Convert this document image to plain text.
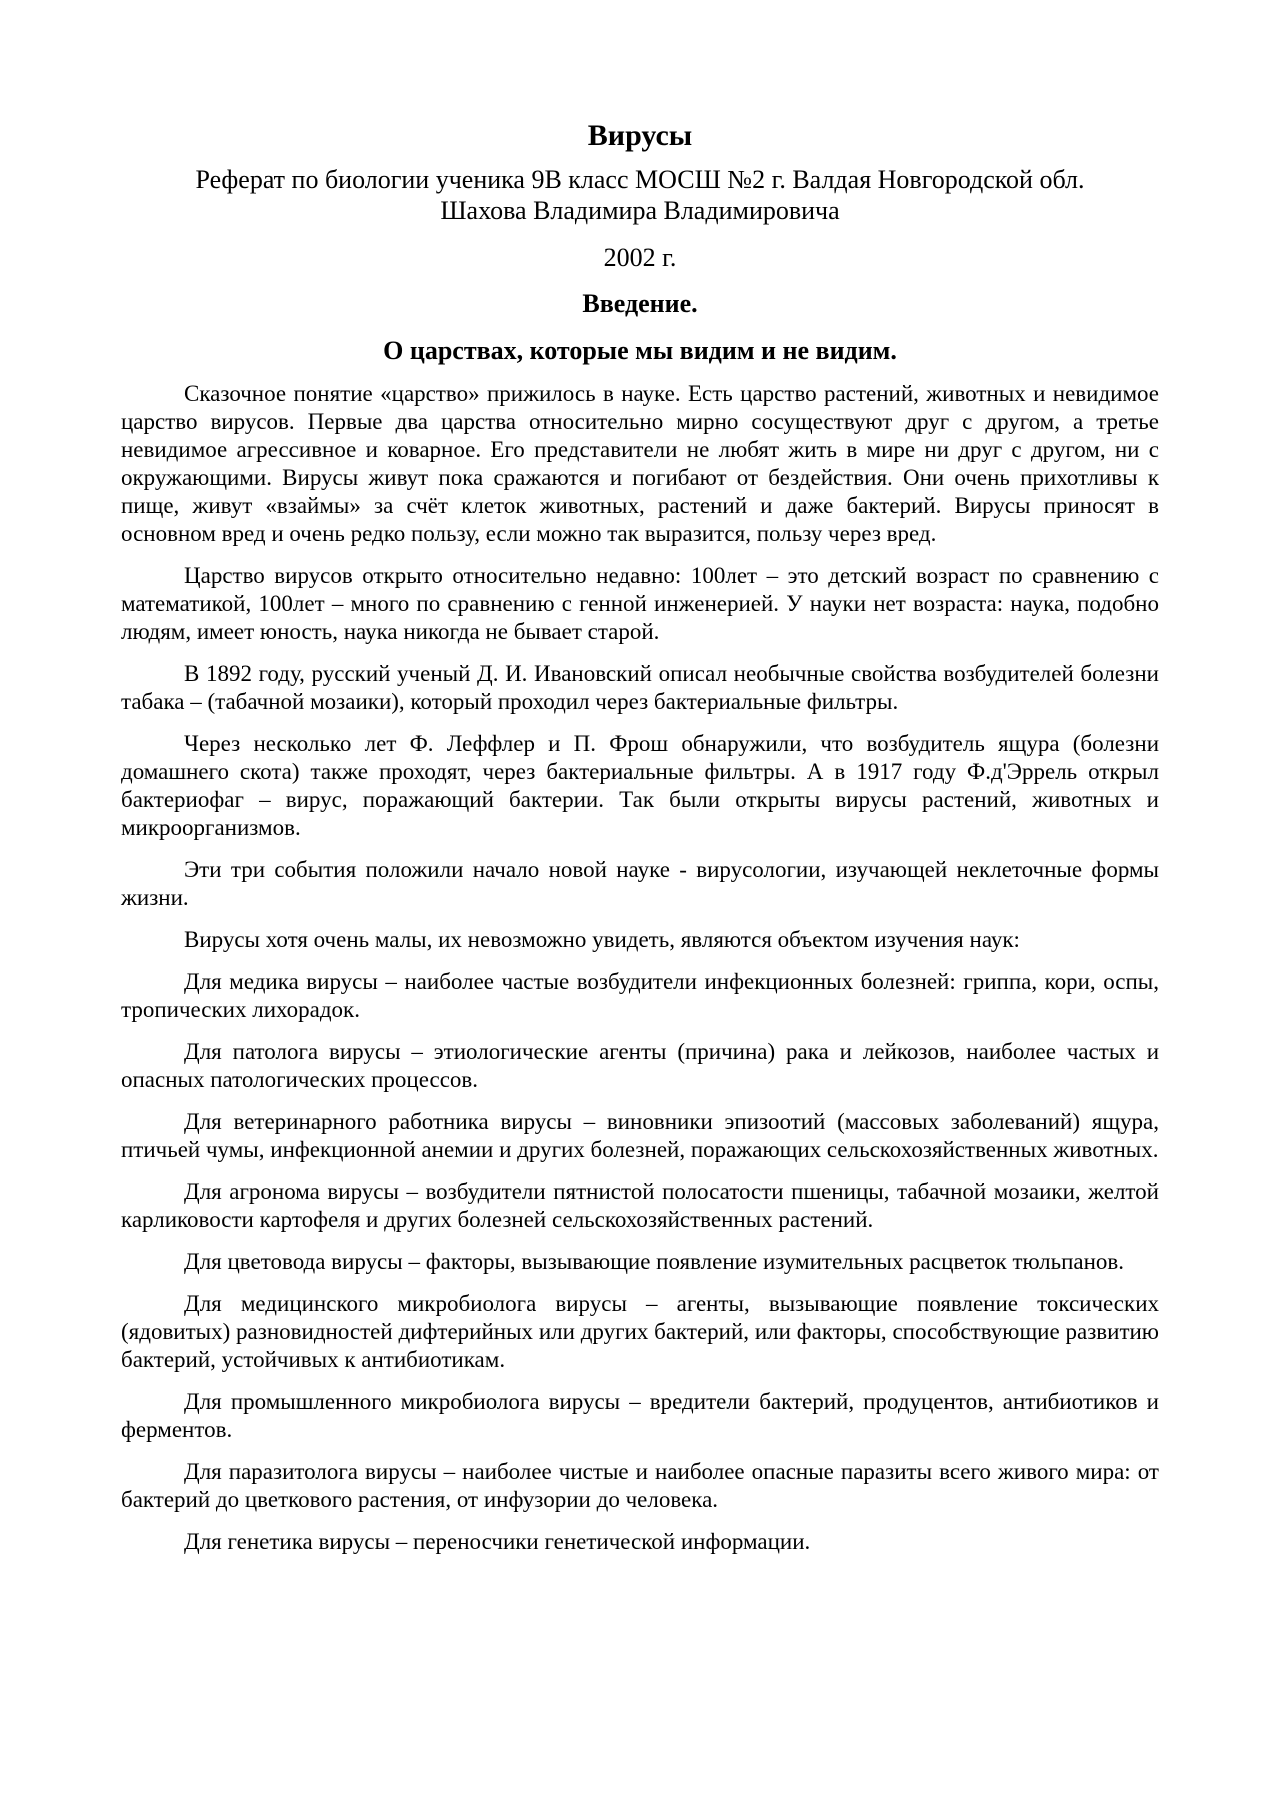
Вирусы
Реферат по биологии ученика 9В класс МОСШ №2 г. Валдая Новгородской обл.
Шахова Владимира Владимировича
2002 г.
Введение.
О царствах, которые мы видим и не видим.

Сказочное понятие «царство» прижилось в науке. Есть царство растений, животных и невидимое царство вирусов. Первые два царства относительно мирно сосуществуют друг с другом, а третье невидимое агрессивное и коварное. Его представители не любят жить в мире ни друг с другом, ни с окружающими. Вирусы живут пока сражаются и погибают от бездействия. Они очень прихотливы к пище, живут «взаймы» за счёт клеток животных, растений и даже бактерий. Вирусы приносят в основном вред и очень редко пользу, если можно так выразится, пользу через вред.

Царство вирусов открыто относительно недавно: 100лет – это детский возраст по сравнению с математикой, 100лет – много по сравнению с генной инженерией. У науки нет возраста: наука, подобно людям, имеет юность, наука никогда не бывает старой.

В 1892 году, русский ученый Д. И. Ивановский описал необычные свойства возбудителей болезни табака – (табачной мозаики), который проходил через бактериальные фильтры.

Через несколько лет Ф. Леффлер и П. Фрош обнаружили, что возбудитель ящура (болезни домашнего скота) также проходят, через бактериальные фильтры. А в 1917 году Ф.д'Эррель открыл бактериофаг – вирус, поражающий бактерии. Так были открыты вирусы растений, животных и микроорганизмов.

Эти три события положили начало новой науке - вирусологии, изучающей неклеточные формы жизни.

Вирусы хотя очень малы, их невозможно увидеть, являются объектом изучения наук:

Для медика вирусы – наиболее частые возбудители инфекционных болезней: гриппа, кори, оспы, тропических лихорадок.

Для патолога вирусы – этиологические агенты (причина) рака и лейкозов, наиболее частых и опасных патологических процессов.

Для ветеринарного работника вирусы – виновники эпизоотий (массовых заболеваний) ящура, птичьей чумы, инфекционной анемии и других болезней, поражающих сельскохозяйственных животных.

Для агронома вирусы – возбудители пятнистой полосатости пшеницы, табачной мозаики, желтой карликовости картофеля и других болезней сельскохозяйственных растений.

Для цветовода вирусы – факторы, вызывающие появление изумительных расцветок тюльпанов.

Для медицинского микробиолога вирусы – агенты, вызывающие появление токсических (ядовитых) разновидностей дифтерийных или других бактерий, или факторы, способствующие развитию бактерий, устойчивых к антибиотикам.

Для промышленного микробиолога вирусы – вредители бактерий, продуцентов, антибиотиков и ферментов.

Для паразитолога вирусы – наиболее чистые и наиболее опасные паразиты всего живого мира: от бактерий до цветкового растения, от инфузории до человека.

Для генетика вирусы – переносчики генетической информации.
